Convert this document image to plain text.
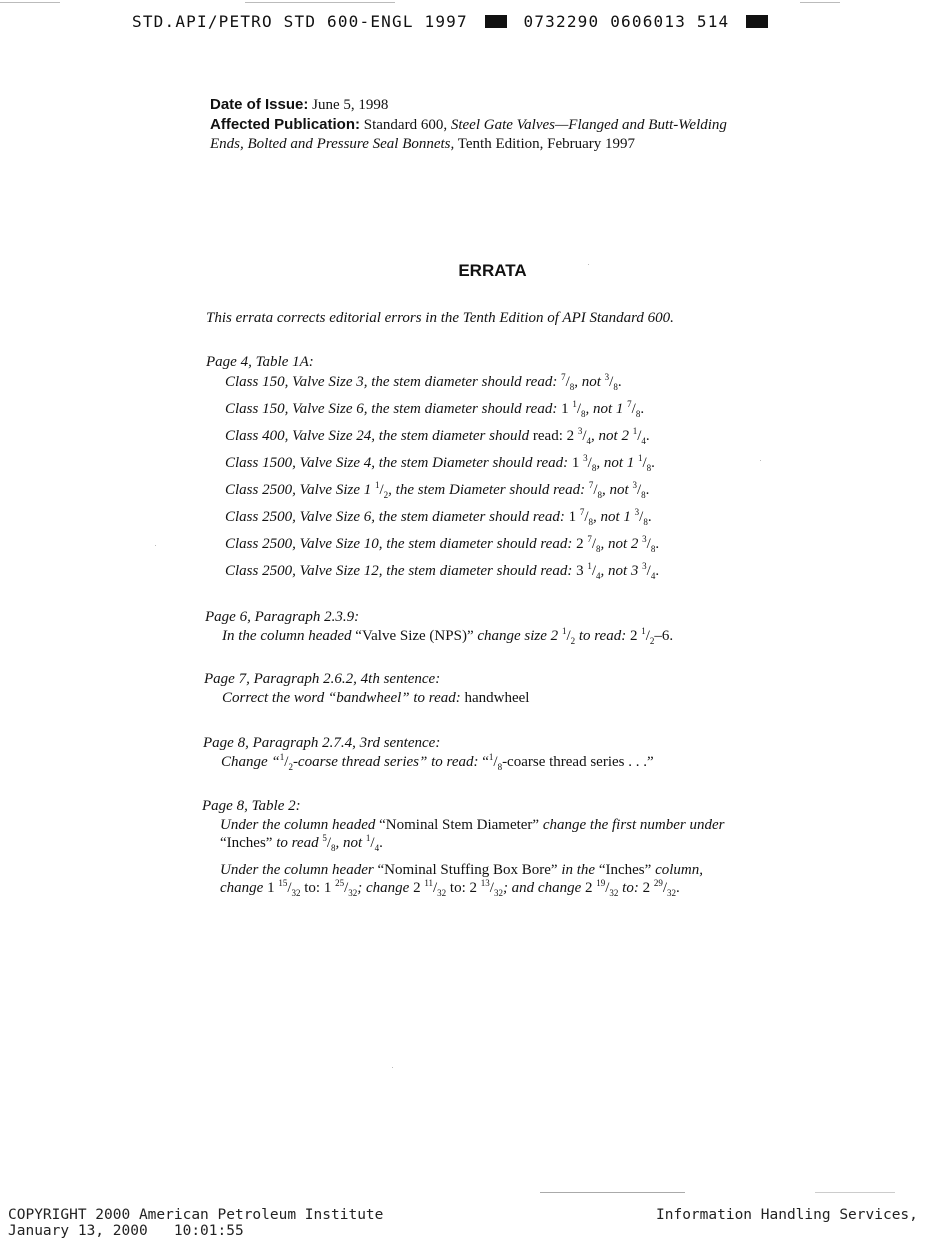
STD.API/PETRO STD 600-ENGL 1997	0732290 0606013 514
Date of Issue: June 5, 1998
Affected Publication: Standard 600, Steel Gate Valves—Flanged and Butt-Welding
Ends, Bolted and Pressure Seal Bonnets, Tenth Edition, February 1997
ERRATA
This errata corrects editorial errors in the Tenth Edition of API Standard 600.
Page 4, Table 1A:
Class 150, Valve Size 3, the stem diameter should read: $^7/_8$, not $^3/_8$.
Class 150, Valve Size 6, the stem diameter should read: 1 $^1/_8$, not 1 $^7/_8$.
Class 400, Valve Size 24, the stem diameter should read: 2 $^3/_4$, not 2 $^1/_4$.
Class 1500, Valve Size 4, the stem Diameter should read: 1 $^3/_8$, not 1 $^1/_8$.
Class 2500, Valve Size 1 $^1/_2$, the stem Diameter should read: $^7/_8$, not $^3/_8$.
Class 2500, Valve Size 6, the stem diameter should read: 1 $^7/_8$, not 1 $^3/_8$.
Class 2500, Valve Size 10, the stem diameter should read: 2 $^7/_8$, not 2 $^3/_8$.
Class 2500, Valve Size 12, the stem diameter should read: 3 $^1/_4$, not 3 $^3/_4$.
Page 6, Paragraph 2.3.9:
In the column headed “Valve Size (NPS)” change size 2 $^1/_2$ to read: 2 $^1/_2-6$.
Page 7, Paragraph 2.6.2, 4th sentence:
Correct the word “bandwheel” to read: handwheel
Page 8, Paragraph 2.7.4, 3rd sentence:
Change “$^1/_2$-coarse thread series” to read: “$^1/_8$-coarse thread series . . .”
Page 8, Table 2:
Under the column headed “Nominal Stem Diameter” change the first number under
“Inches” to read $^5/_8$, not $^1/_4$.
Under the column header “Nominal Stuffing Box Bore” in the “Inches” column,
change 1 $^{15}/_{32}$ to: 1 $^{25}/_{32}$; change 2 $^{11}/_{32}$ to: 2 $^{13}/_{32}$; and change 2 $^{19}/_{32}$ to: 2 $^{29}/_{32}$.
COPYRIGHT 2000 American Petroleum Institute
January 13, 2000   10:01:55
Information Handling Services,
